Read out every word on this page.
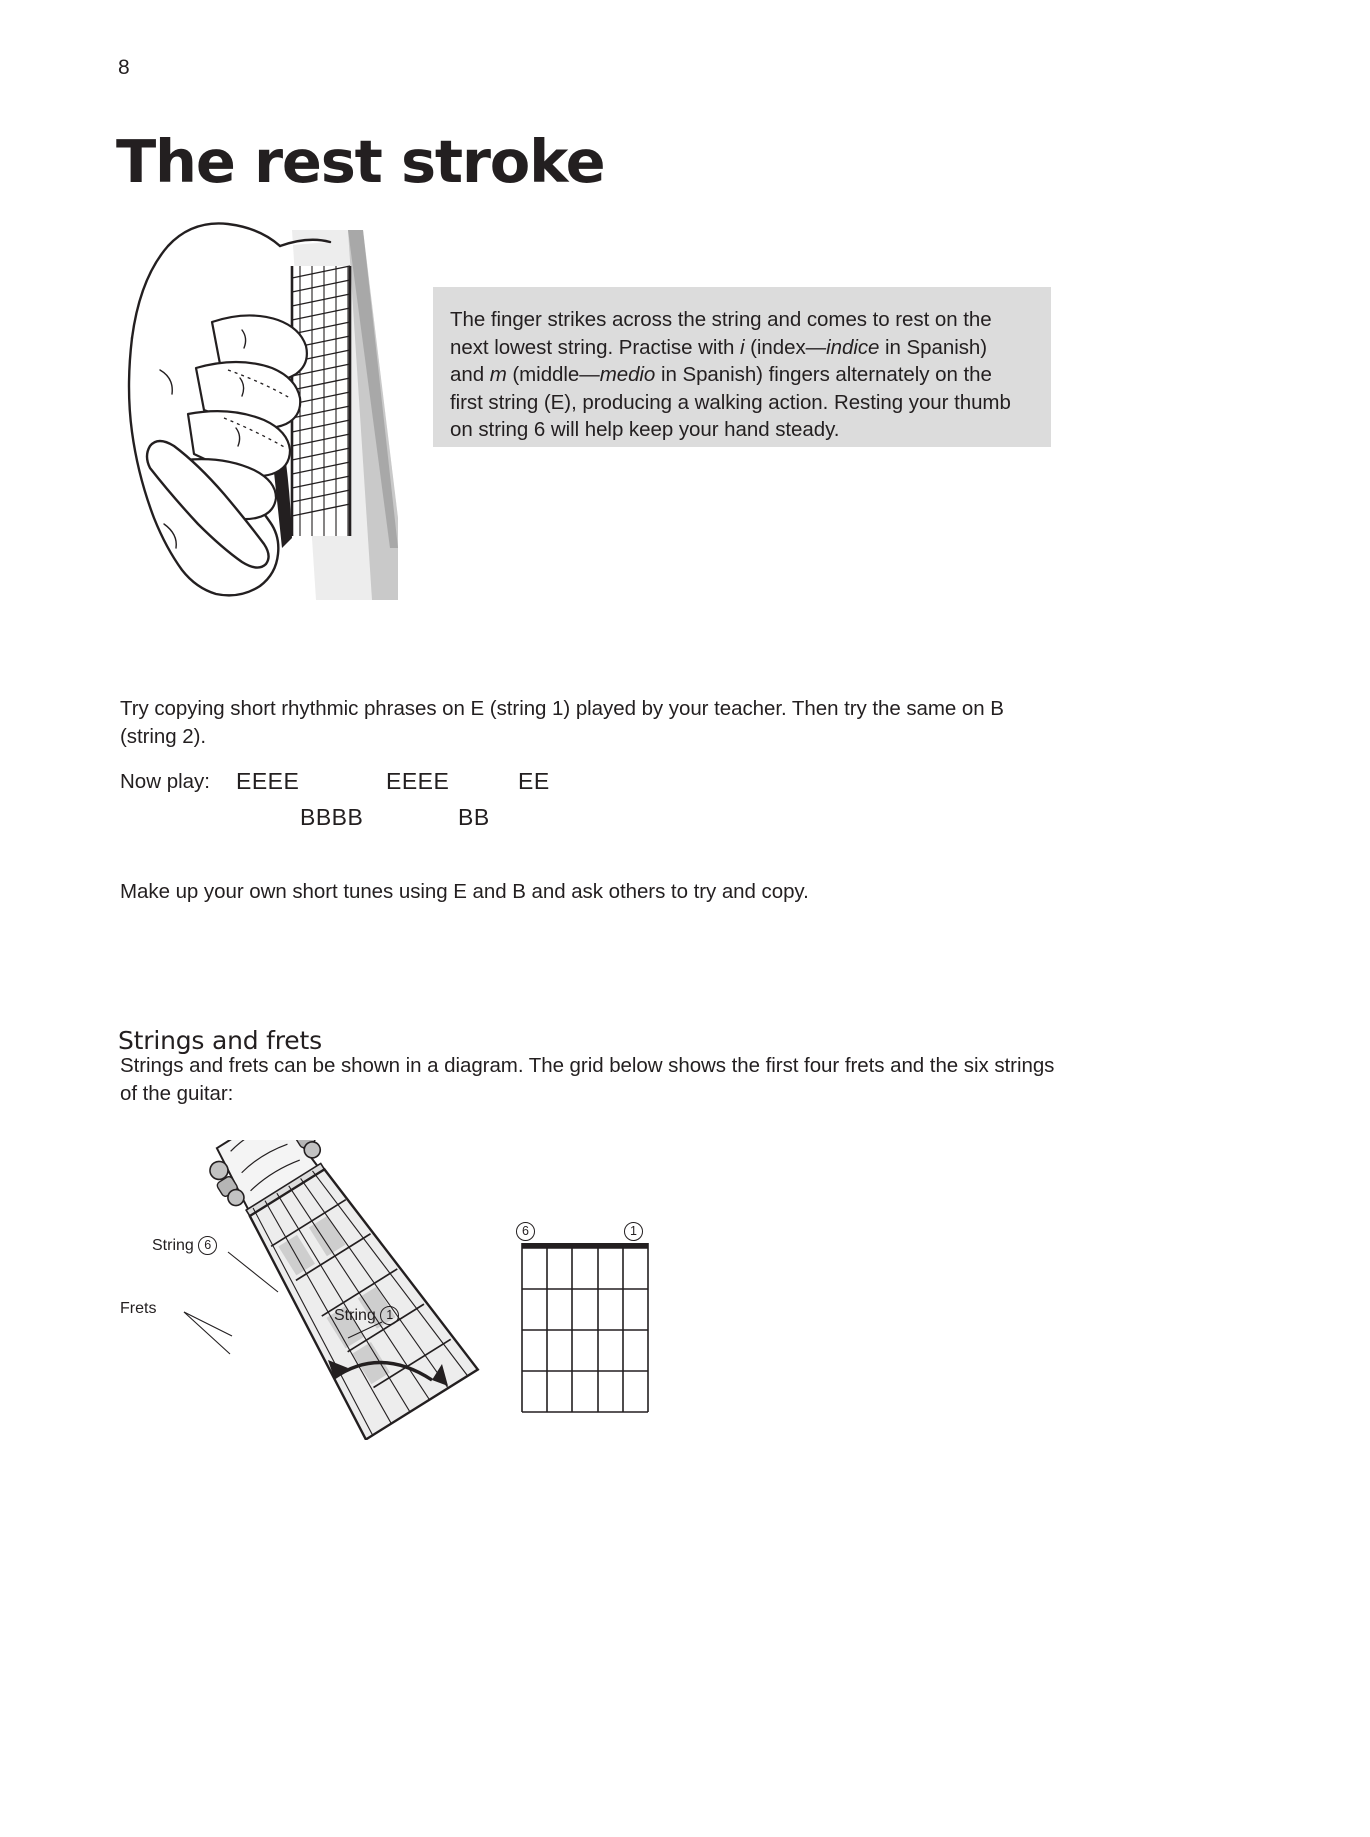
8
The rest stroke

The finger strikes across the string and comes to rest on the next lowest string. Practise with i (index—indice in Spanish) and m (middle—medio in Spanish) fingers alternately on the first string (E), producing a walking action. Resting your thumb on string 6 will help keep your hand steady.

Try copying short rhythmic phrases on E (string 1) played by your teacher. Then try the same on B (string 2).
Now play: EEEE	EEEE	EE
BBBB	BB
Make up your own short tunes using E and B and ask others to try and copy.
Strings and frets
Strings and frets can be shown in a diagram. The grid below shows the first four frets and the six strings of the guitar:
String 6
Frets	String 1
6	1
